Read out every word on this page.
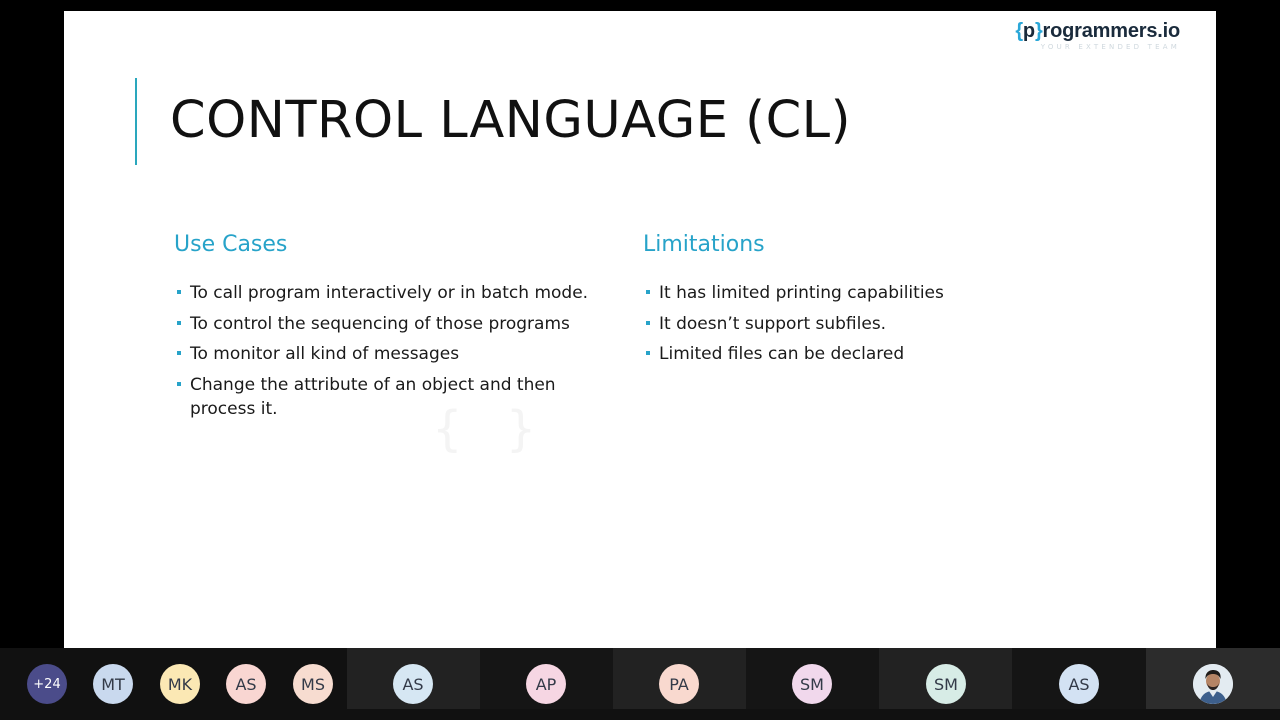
{p}rogrammers.io
YOUR EXTENDED TEAM
CONTROL LANGUAGE (CL)
{ }
Use Cases
To call program interactively or in batch mode.
To control the sequencing of those programs
To monitor all kind of messages
Change the attribute of an object and then process it.
Limitations
It has limited printing capabilities
It doesn’t support subfiles.
Limited files can be declared
+24	MT	MK	AS	MS	AS	AP	PA	SM	SM	AS
